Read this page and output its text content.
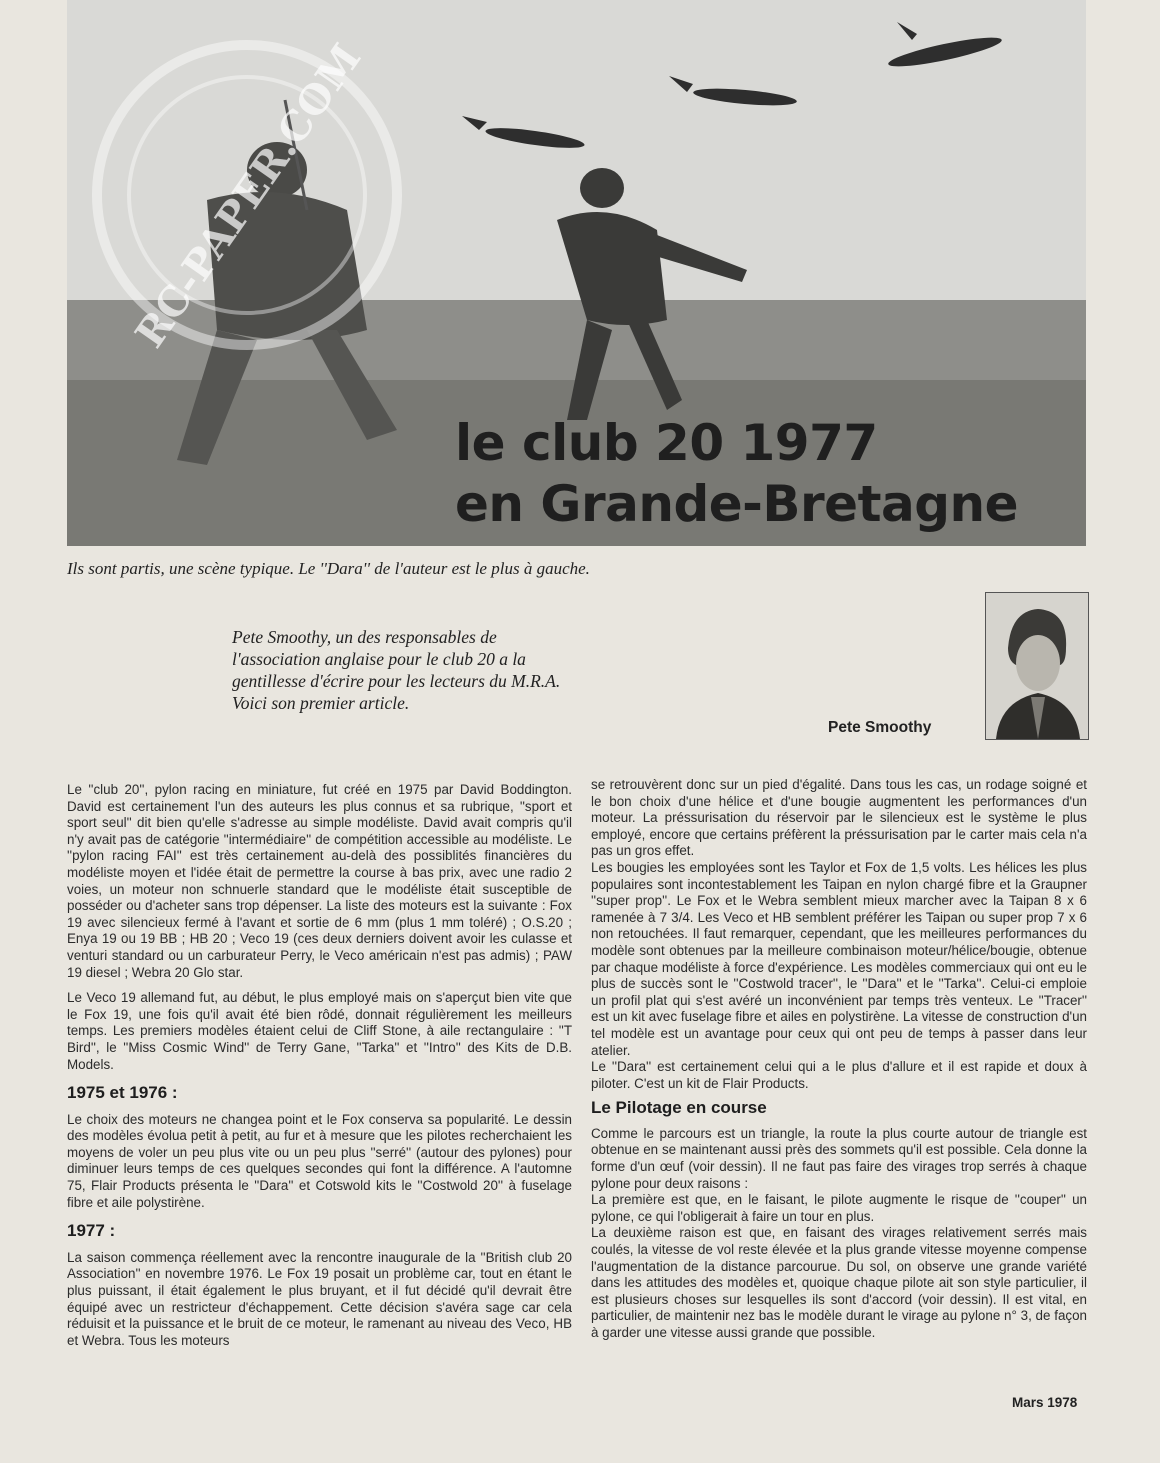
RC-PAPER.COM
le club 20 1977
en Grande-Bretagne
Ils sont partis, une scène typique. Le ''Dara'' de l'auteur est le plus à gauche.
Pete Smoothy, un des responsables de l'association anglaise pour le club 20 a la gentillesse d'écrire pour les lecteurs du M.R.A. Voici son premier article.
Pete Smoothy

Le ''club 20'', pylon racing en miniature, fut créé en 1975 par David Boddington. David est certainement l'un des auteurs les plus connus et sa rubrique, ''sport et sport seul'' dit bien qu'elle s'adresse au simple modéliste. David avait compris qu'il n'y avait pas de catégorie ''intermédiaire'' de compétition accessible au modéliste. Le ''pylon racing FAI'' est très certainement au-delà des possiblités financières du modéliste moyen et l'idée était de permettre la course à bas prix, avec une radio 2 voies, un moteur non schnuerle standard que le modéliste était susceptible de posséder ou d'acheter sans trop dépenser. La liste des moteurs est la suivante : Fox 19 avec silencieux fermé à l'avant et sortie de 6 mm (plus 1 mm toléré) ; O.S.20 ; Enya 19 ou 19 BB ; HB 20 ; Veco 19 (ces deux derniers doivent avoir les culasse et venturi standard ou un carburateur Perry, le Veco américain n'est pas admis) ; PAW 19 diesel ; Webra 20 Glo star.

Le Veco 19 allemand fut, au début, le plus employé mais on s'aperçut bien vite que le Fox 19, une fois qu'il avait été bien rôdé, donnait régulièrement les meilleurs temps. Les premiers modèles étaient celui de Cliff Stone, à aile rectangulaire : ''T Bird'', le ''Miss Cosmic Wind'' de Terry Gane, ''Tarka'' et ''Intro'' des Kits de D.B. Models.

1975 et 1976 :

Le choix des moteurs ne changea point et le Fox conserva sa popularité. Le dessin des modèles évolua petit à petit, au fur et à mesure que les pilotes recherchaient les moyens de voler un peu plus vite ou un peu plus ''serré'' (autour des pylones) pour diminuer leurs temps de ces quelques secondes qui font la différence. A l'automne 75, Flair Products présenta le ''Dara'' et Cotswold kits le ''Costwold 20'' à fuselage fibre et aile polystirène.

1977 :

La saison commença réellement avec la rencontre inaugurale de la ''British club 20 Association'' en novembre 1976. Le Fox 19 posait un problème car, tout en étant le plus puissant, il était également le plus bruyant, et il fut décidé qu'il devrait être équipé avec un restricteur d'échappement. Cette décision s'avéra sage car cela réduisit et la puissance et le bruit de ce moteur, le ramenant au niveau des Veco, HB et Webra. Tous les moteurs

se retrouvèrent donc sur un pied d'égalité. Dans tous les cas, un rodage soigné et le bon choix d'une hélice et d'une bougie augmentent les performances d'un moteur. La préssurisation du réservoir par le silencieux est le système le plus employé, encore que certains préfèrent la préssurisation par le carter mais cela n'a pas un gros effet.

Les bougies les employées sont les Taylor et Fox de 1,5 volts. Les hélices les plus populaires sont incontestablement les Taipan en nylon chargé fibre et la Graupner ''super prop''. Le Fox et le Webra semblent mieux marcher avec la Taipan 8 x 6 ramenée à 7 3/4. Les Veco et HB semblent préférer les Taipan ou super prop 7 x 6 non retouchées. Il faut remarquer, cependant, que les meilleures performances du modèle sont obtenues par la meilleure combinaison moteur/hélice/bougie, obtenue par chaque modéliste à force d'expérience. Les modèles commerciaux qui ont eu le plus de succès sont le ''Costwold tracer'', le ''Dara'' et le ''Tarka''. Celui-ci emploie un profil plat qui s'est avéré un inconvénient par temps très venteux. Le ''Tracer'' est un kit avec fuselage fibre et ailes en polystirène. La vitesse de construction d'un tel modèle est un avantage pour ceux qui ont peu de temps à passer dans leur atelier.

Le ''Dara'' est certainement celui qui a le plus d'allure et il est rapide et doux à piloter. C'est un kit de Flair Products.

Le Pilotage en course

Comme le parcours est un triangle, la route la plus courte autour de triangle est obtenue en se maintenant aussi près des sommets qu'il est possible. Cela donne la forme d'un œuf (voir dessin). Il ne faut pas faire des virages trop serrés à chaque pylone pour deux raisons :

La première est que, en le faisant, le pilote augmente le risque de ''couper'' un pylone, ce qui l'obligerait à faire un tour en plus.

La deuxième raison est que, en faisant des virages relativement serrés mais coulés, la vitesse de vol reste élevée et la plus grande vitesse moyenne compense l'augmentation de la distance parcourue. Du sol, on observe une grande variété dans les attitudes des modèles et, quoique chaque pilote ait son style particulier, il est plusieurs choses sur lesquelles ils sont d'accord (voir dessin). Il est vital, en particulier, de maintenir nez bas le modèle durant le virage au pylone n° 3, de façon à garder une vitesse aussi grande que possible.

Mars 1978
